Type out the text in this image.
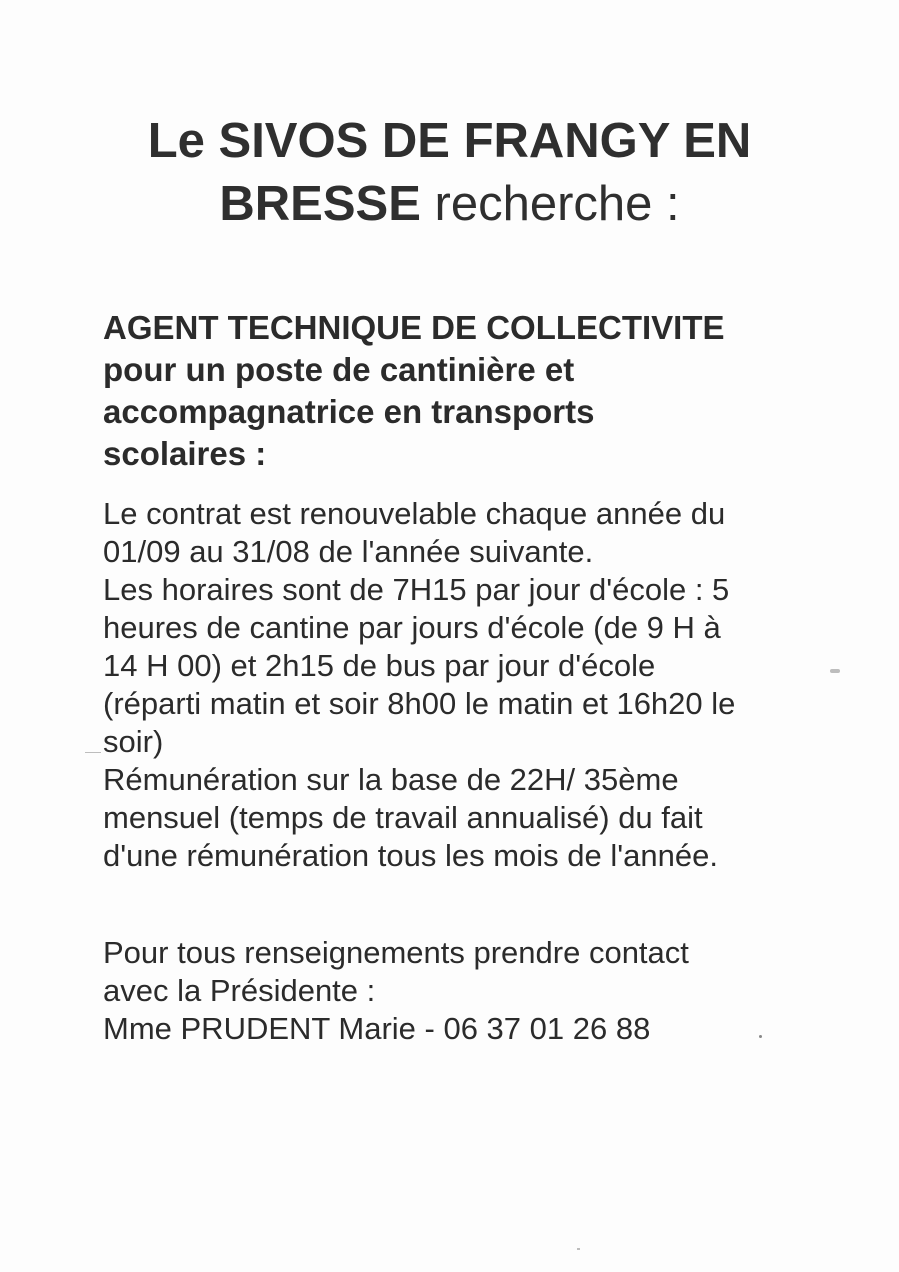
Le SIVOS DE FRANGY EN
BRESSE recherche :
AGENT TECHNIQUE DE COLLECTIVITE
pour un poste de cantinière et
accompagnatrice en transports
scolaires :

Le contrat est renouvelable chaque année du

01/09 au 31/08 de l'année suivante.

Les horaires sont de 7H15 par jour d'école : 5

heures de cantine par jours d'école (de 9 H à

14 H 00) et 2h15 de bus par jour d'école

(réparti matin et soir 8h00 le matin et 16h20 le

soir)

Rémunération sur la base de 22H/ 35ème

mensuel (temps de travail annualisé) du fait

d'une rémunération tous les mois de l'année.

Pour tous renseignements prendre contact

avec la Présidente :

Mme PRUDENT Marie - 06 37 01 26 88
